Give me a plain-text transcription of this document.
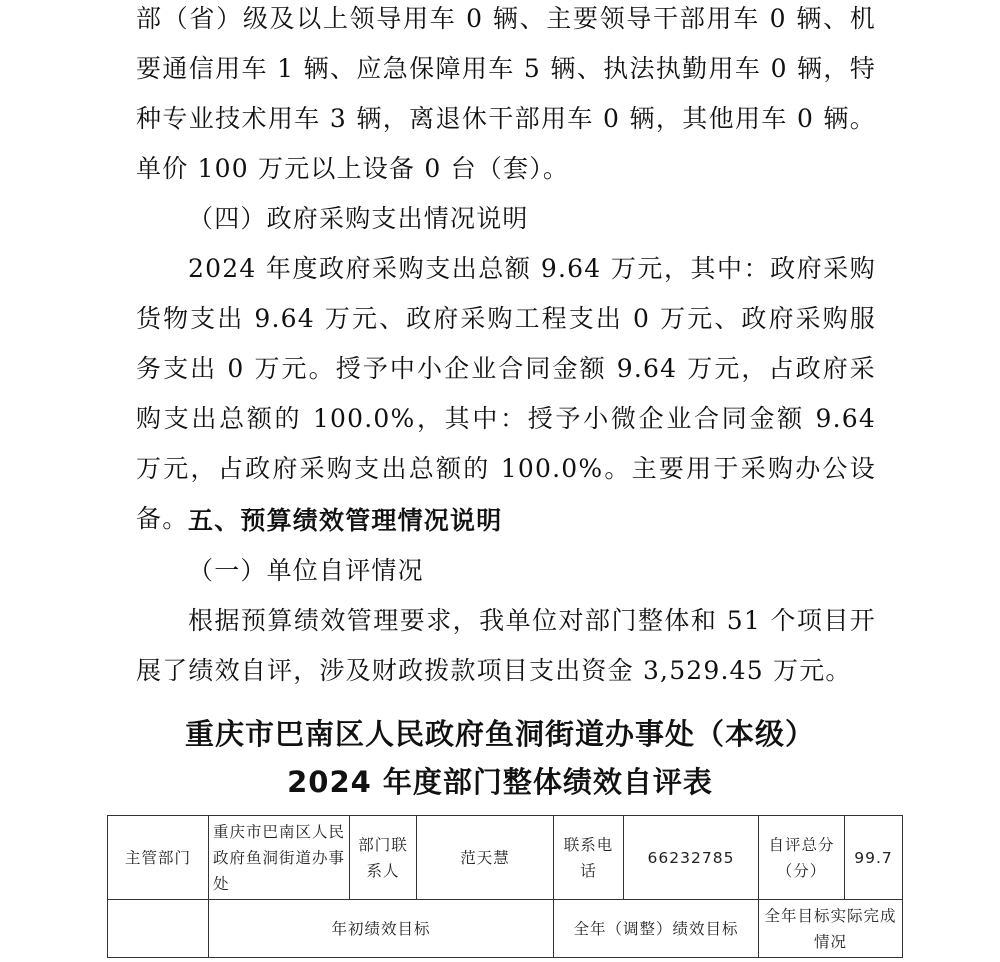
部（省）级及以上领导用车 0 辆、主要领导干部用车 0 辆、机要通信用车 1 辆、应急保障用车 5 辆、执法执勤用车 0 辆，特种专业技术用车 3 辆，离退休干部用车 0 辆，其他用车 0 辆。单价 100 万元以上设备 0 台（套）。

（四）政府采购支出情况说明

2024 年度政府采购支出总额 9.64 万元，其中：政府采购货物支出 9.64 万元、政府采购工程支出 0 万元、政府采购服务支出 0 万元。授予中小企业合同金额 9.64 万元，占政府采购支出总额的 100.0%，其中：授予小微企业合同金额 9.64 万元，占政府采购支出总额的 100.0%。主要用于采购办公设备。 五、预算绩效管理情况说明
（一）单位自评情况

根据预算绩效管理要求，我单位对部门整体和 51 个项目开展了绩效自评，涉及财政拨款项目支出资金 3,529.45 万元。

重庆市巴南区人民政府鱼洞街道办事处（本级）
2024 年度部门整体绩效自评表
主管部门	重庆市巴南区人民政府鱼洞街道办事处	部门联系人	范天慧	联系电话	66232785	自评总分（分）	99.7
	年初绩效目标			全年（调整）绩效目标		全年目标实际完成情况	
